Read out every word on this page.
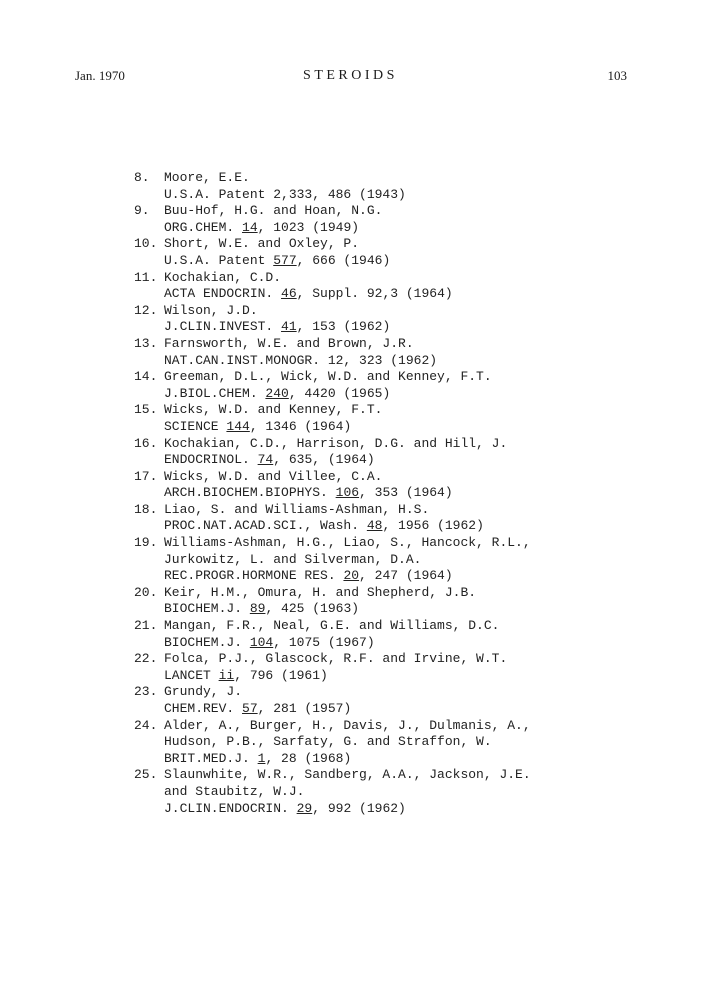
Jan. 1970	STEROIDS	103
8.	Moore, E.E.
U.S.A. Patent 2,333, 486 (1943)
9.	Buu-Hof, H.G. and Hoan, N.G.
ORG.CHEM. 14, 1023 (1949)
10. Short, W.E. and Oxley, P.
U.S.A. Patent 577, 666 (1946)
11. Kochakian, C.D.
ACTA ENDOCRIN. 46, Suppl. 92,3 (1964)
12. Wilson, J.D.
J.CLIN.INVEST. 41, 153 (1962)
13. Farnsworth, W.E. and Brown, J.R.
NAT.CAN.INST.MONOGR. 12, 323 (1962)
14. Greeman, D.L., Wick, W.D. and Kenney, F.T.
J.BIOL.CHEM. 240, 4420 (1965)
15. Wicks, W.D. and Kenney, F.T.
SCIENCE 144, 1346 (1964)
16. Kochakian, C.D., Harrison, D.G. and Hill, J.
ENDOCRINOL. 74, 635, (1964)
17. Wicks, W.D. and Villee, C.A.
ARCH.BIOCHEM.BIOPHYS. 106, 353 (1964)
18. Liao, S. and Williams-Ashman, H.S.
PROC.NAT.ACAD.SCI., Wash. 48, 1956 (1962)
19. Williams-Ashman, H.G., Liao, S., Hancock, R.L.,
Jurkowitz, L. and Silverman, D.A.
REC.PROGR.HORMONE RES. 20, 247 (1964)
20. Keir, H.M., Omura, H. and Shepherd, J.B.
BIOCHEM.J. 89, 425 (1963)
21. Mangan, F.R., Neal, G.E. and Williams, D.C.
BIOCHEM.J. 104, 1075 (1967)
22. Folca, P.J., Glascock, R.F. and Irvine, W.T.
LANCET ii, 796 (1961)
23. Grundy, J.
CHEM.REV. 57, 281 (1957)
24. Alder, A., Burger, H., Davis, J., Dulmanis, A.,
Hudson, P.B., Sarfaty, G. and Straffon, W.
BRIT.MED.J. 1, 28 (1968)
25. Slaunwhite, W.R., Sandberg, A.A., Jackson, J.E.
and Staubitz, W.J.
J.CLIN.ENDOCRIN. 29, 992 (1962)
